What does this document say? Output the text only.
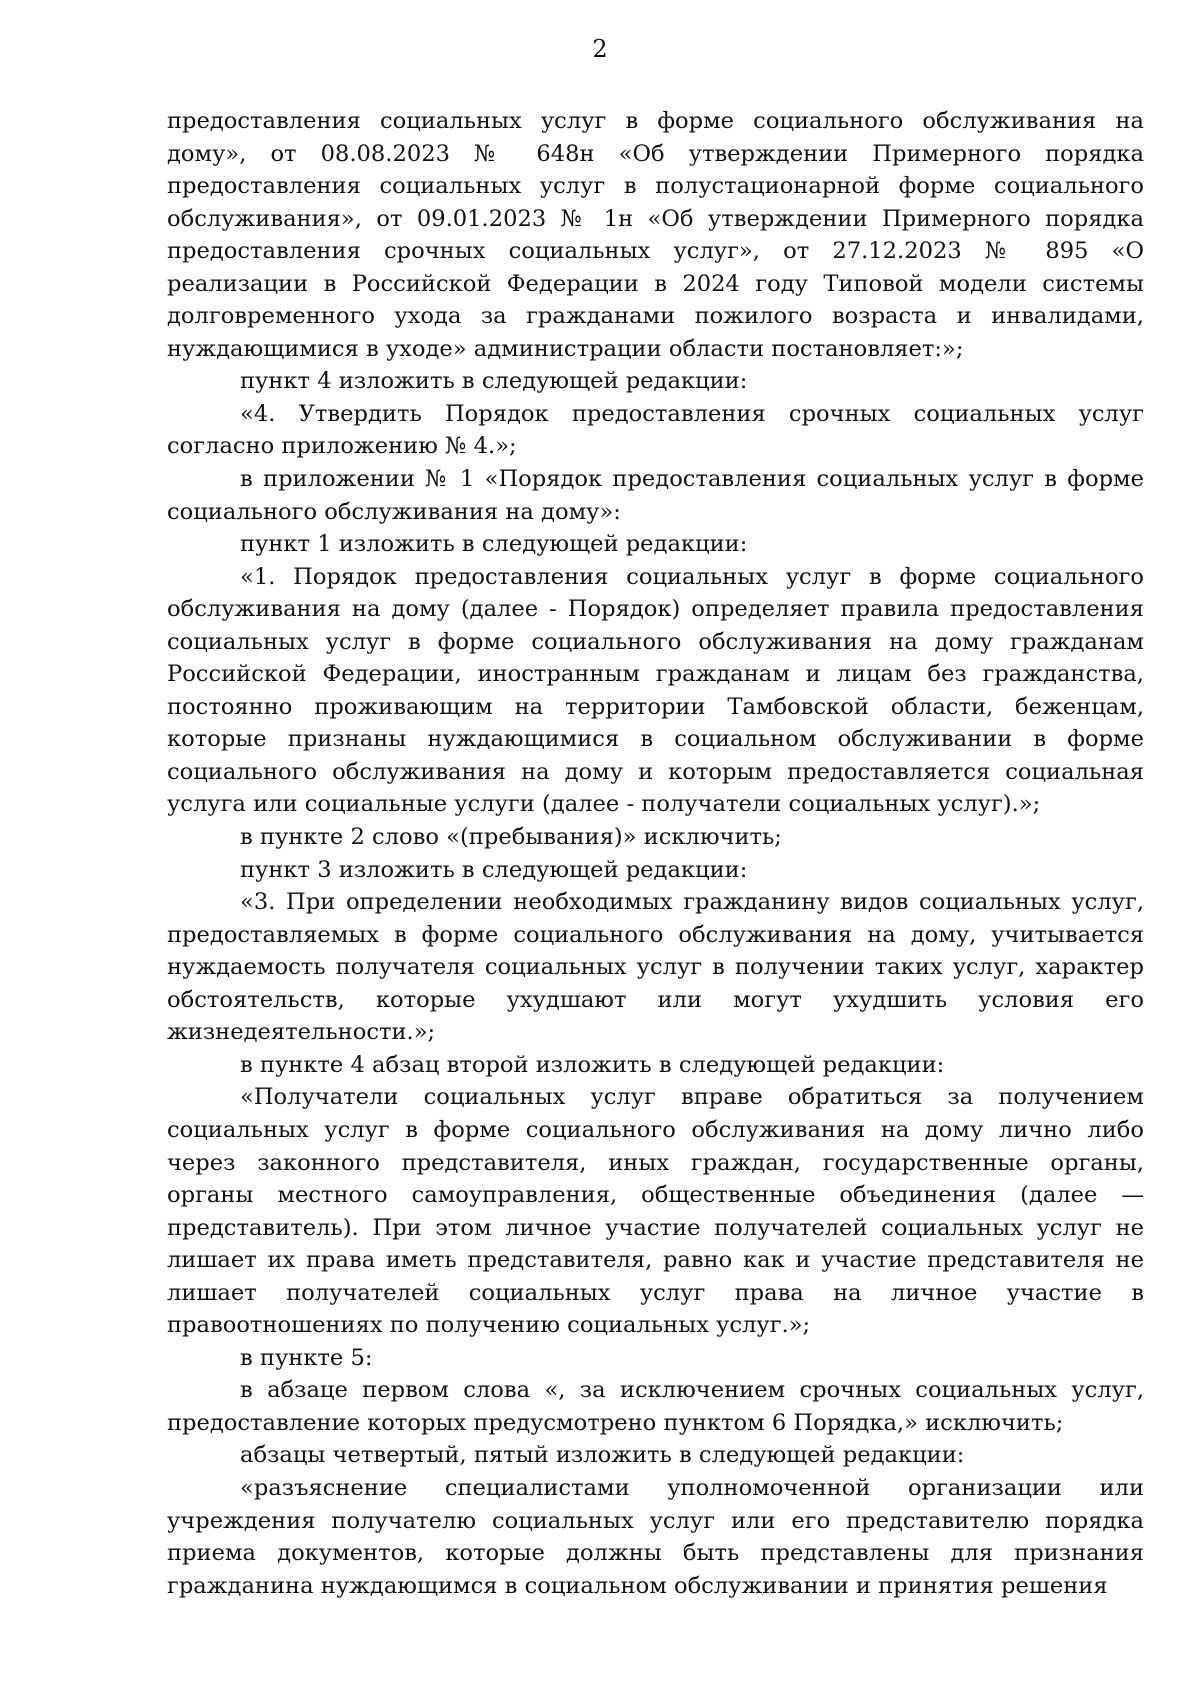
2

предоставления социальных услуг в форме социального обслуживания на дому», от 08.08.2023 № 648н «Об утверждении Примерного порядка предоставления социальных услуг в полустационарной форме социального обслуживания», от 09.01.2023 № 1н «Об утверждении Примерного порядка предоставления срочных социальных услуг», от 27.12.2023 № 895 «О реализации в Российской Федерации в 2024 году Типовой модели системы долговременного ухода за гражданами пожилого возраста и инвалидами, нуждающимися в уходе» администрации области постановляет:»;

пункт 4 изложить в следующей редакции:

«4. Утвердить Порядок предоставления срочных социальных услуг согласно приложению № 4.»;

в приложении № 1 «Порядок предоставления социальных услуг в форме социального обслуживания на дому»:

пункт 1 изложить в следующей редакции:

«1. Порядок предоставления социальных услуг в форме социального обслуживания на дому (далее - Порядок) определяет правила предоставления социальных услуг в форме социального обслуживания на дому гражданам Российской Федерации, иностранным гражданам и лицам без гражданства, постоянно проживающим на территории Тамбовской области, беженцам, которые признаны нуждающимися в социальном обслуживании в форме социального обслуживания на дому и которым предоставляется социальная услуга или социальные услуги (далее - получатели социальных услуг).»;

в пункте 2 слово «(пребывания)» исключить;

пункт 3 изложить в следующей редакции:

«3. При определении необходимых гражданину видов социальных услуг, предоставляемых в форме социального обслуживания на дому, учитывается нуждаемость получателя социальных услуг в получении таких услуг, характер обстоятельств, которые ухудшают или могут ухудшить условия его жизнедеятельности.»;

в пункте 4 абзац второй изложить в следующей редакции:

«Получатели социальных услуг вправе обратиться за получением социальных услуг в форме социального обслуживания на дому лично либо через законного представителя, иных граждан, государственные органы, органы местного самоуправления, общественные объединения (далее — представитель). При этом личное участие получателей социальных услуг не лишает их права иметь представителя, равно как и участие представителя не лишает получателей социальных услуг права на личное участие в правоотношениях по получению социальных услуг.»;

в пункте 5:

в абзаце первом слова «, за исключением срочных социальных услуг, предоставление которых предусмотрено пунктом 6 Порядка,» исключить;

абзацы четвертый, пятый изложить в следующей редакции:

«разъяснение специалистами уполномоченной организации или учреждения получателю социальных услуг или его представителю порядка приема документов, которые должны быть представлены для признания гражданина нуждающимся в социальном обслуживании и принятия решения
